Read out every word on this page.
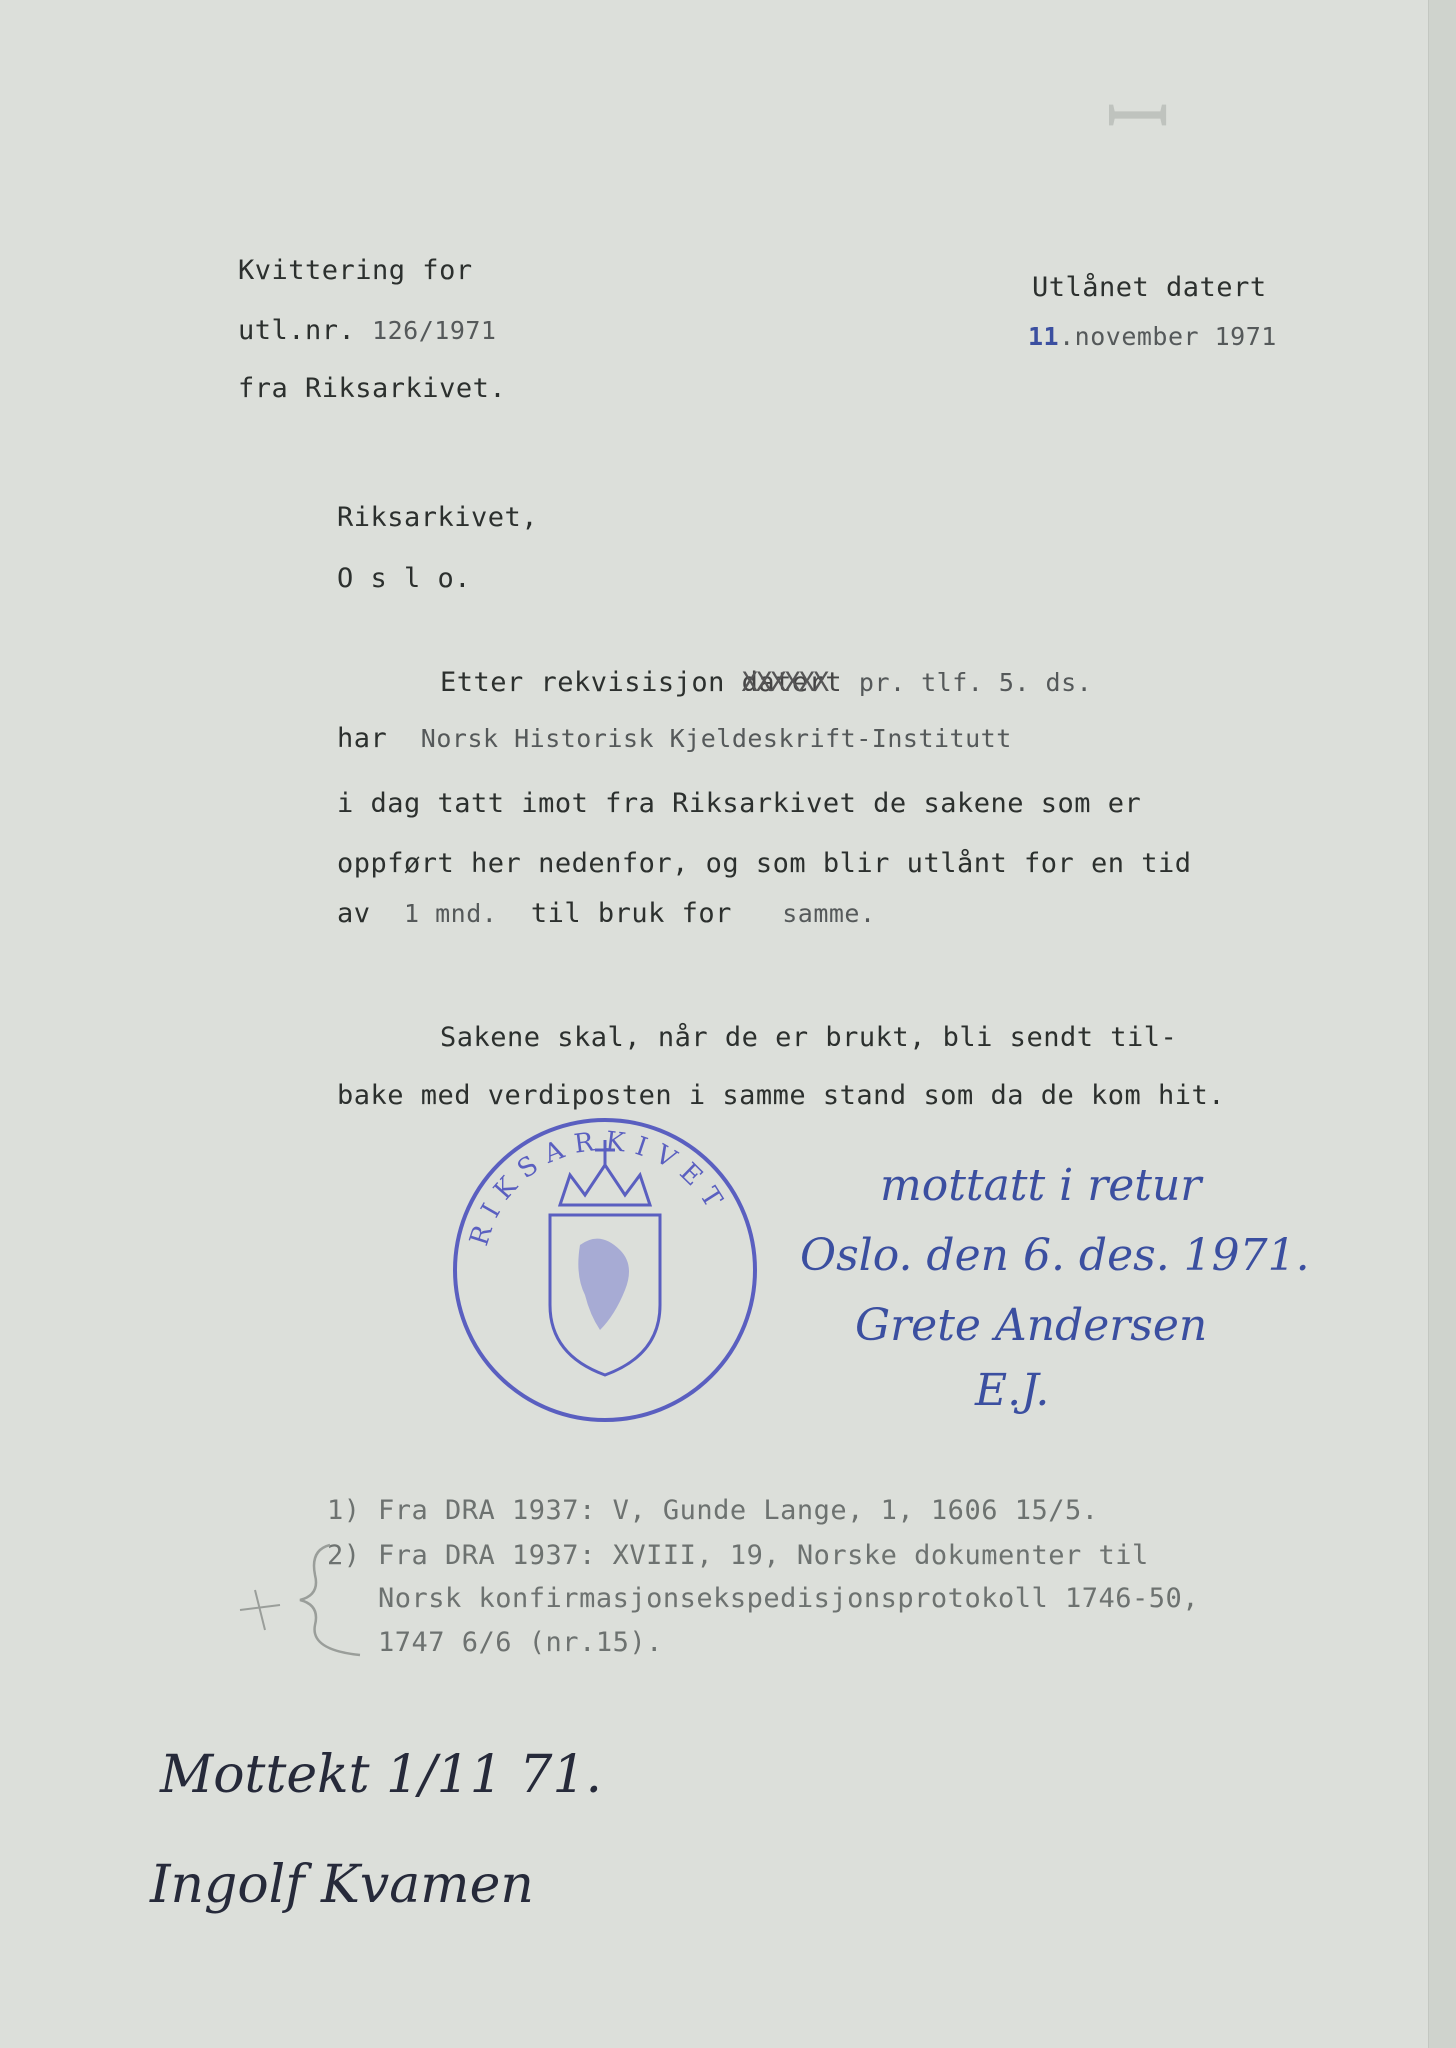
ꟷ
Kvittering for
utl.nr. 126/1971
fra Riksarkivet.
Utlånet datert
11.november 1971
Riksarkivet,
O s l o.
Etter rekvisisjon datert XXXXXX pr. tlf. 5. ds.
har Norsk Historisk Kjeldeskrift-Institutt
i dag tatt imot fra Riksarkivet de sakene som er
oppført her nedenfor, og som blir utlånt for en tid
av 1 mnd. til bruk for samme.
Sakene skal, når de er brukt, bli sendt til-
bake med verdiposten i samme stand som da de kom hit.
RIKSARKIVET	mottatt i retur
Oslo. den 6. des. 1971.
Grete Andersen
E.J.
1) Fra DRA 1937: V, Gunde Lange, 1, 1606 15/5.
2) Fra DRA 1937: XVIII, 19, Norske dokumenter til
Norsk konfirmasjonsekspedisjonsprotokoll 1746-50,
1747 6/6 (nr.15).
Mottekt 1/11 71.
Ingolf Kvamen
